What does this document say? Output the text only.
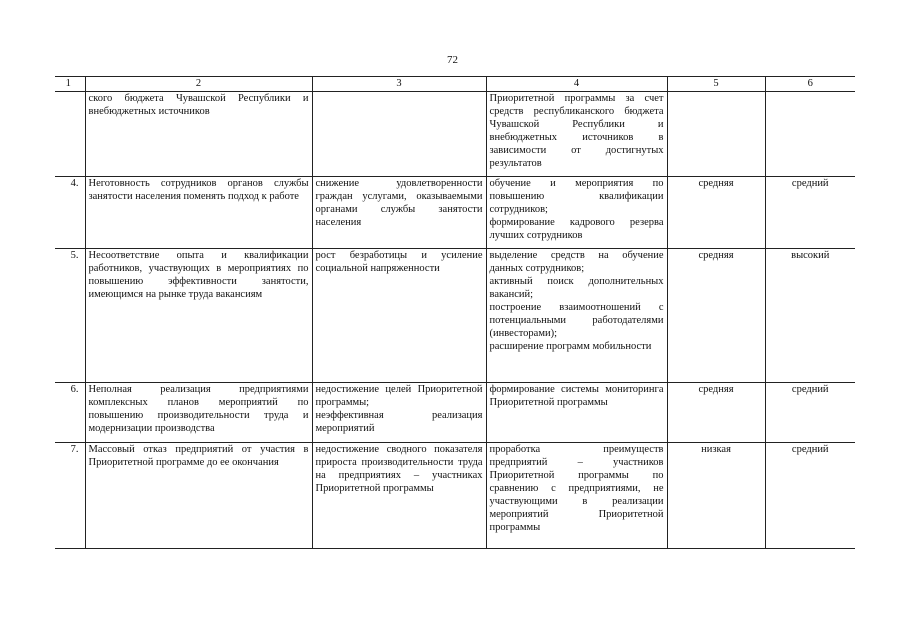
72
1	2	3	4	5	6
	ского бюджета Чувашской Республики и внебюджетных источников		Приоритетной программы за счет средств республиканского бюджета Чувашской Республики и внебюджетных источников в зависимости от достигнутых результатов		

4.	Неготовность сотрудников органов службы занятости населения поменять подход к работе	снижение удовлетворенности граждан услугами, оказываемыми органами службы занятости населения	обучение и мероприятия по повышению квалификации сотрудников;
формирование кадрового резерва лучших сотрудников	средняя	средний
5.	Несоответствие опыта и квалификации работников, участвующих в мероприятиях по повышению эффективности занятости, имеющимся на рынке труда вакансиям	рост безработицы и усиление социальной напряженности	выделение средств на обучение данных сотрудников;
активный поиск дополнительных вакансий;
построение взаимоотношений с потенциальными работодателями (инвесторами);
расширение программ мобильности	средняя	высокий
6.	Неполная реализация предприятиями комплексных планов мероприятий по повышению производительности труда и модернизации производства	недостижение целей Приоритетной программы;
неэффективная реализация мероприятий	формирование системы мониторинга Приоритетной программы	средняя	средний
7.	Массовый отказ предприятий от участия в Приоритетной программе до ее окончания	недостижение сводного показателя прироста производительности труда на предприятиях – участниках Приоритетной программы	проработка преимуществ предприятий – участников Приоритетной программы по сравнению с предприятиями, не участвующими в реализации мероприятий Приоритетной программы	низкая	средний
